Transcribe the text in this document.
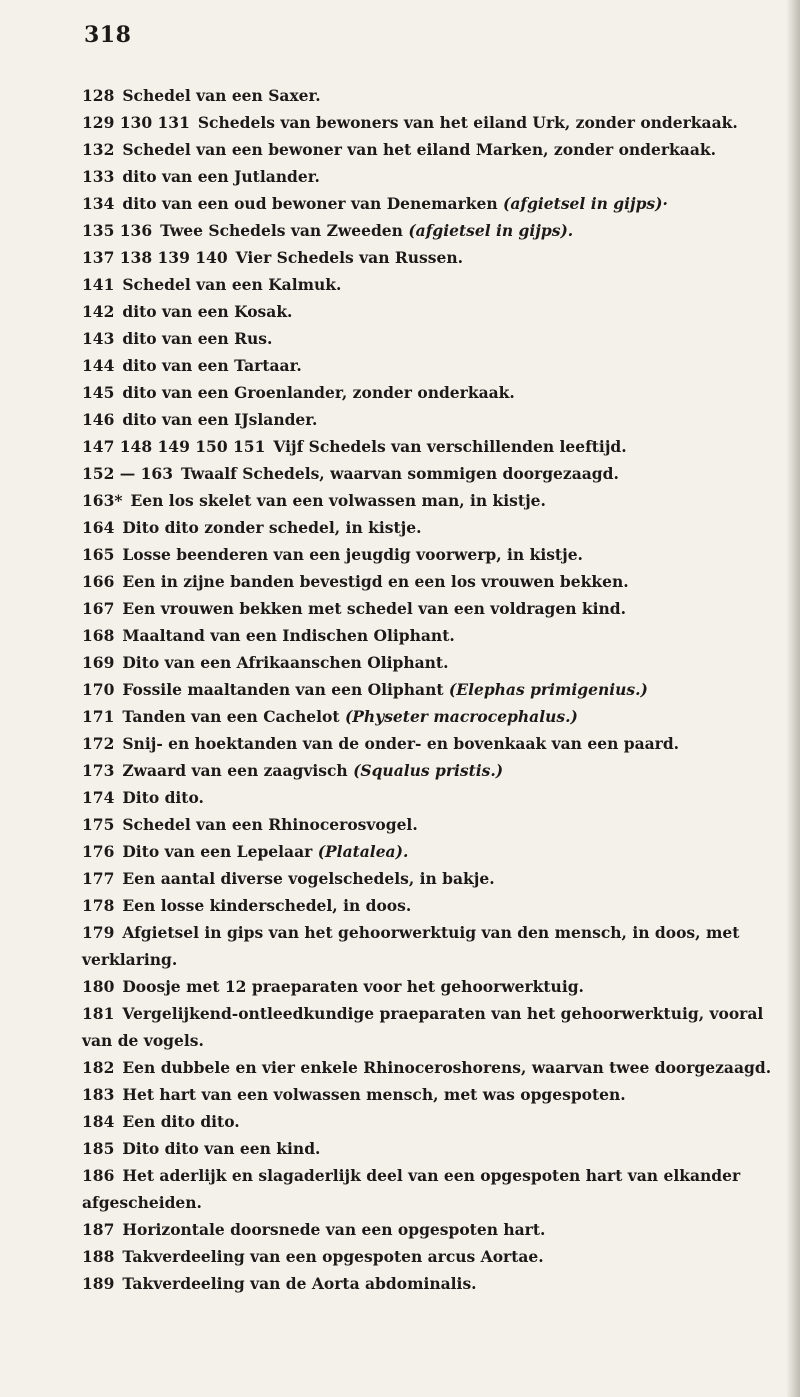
318
128 Schedel van een Saxer.
129 130 131 Schedels van bewoners van het eiland Urk, zonder onderkaak.
132 Schedel van een bewoner van het eiland Marken, zonder onderkaak.
133 dito van een Jutlander.
134 dito van een oud bewoner van Denemarken (afgietsel in gijps)·
135 136 Twee Schedels van Zweeden (afgietsel in gijps).
137 138 139 140 Vier Schedels van Russen.
141 Schedel van een Kalmuk.
142 dito van een Kosak.
143 dito van een Rus.
144 dito van een Tartaar.
145 dito van een Groenlander, zonder onderkaak.
146 dito van een IJslander.
147 148 149 150 151 Vijf Schedels van verschillenden leeftijd.
152 — 163 Twaalf Schedels, waarvan sommigen doorgezaagd.
163* Een los skelet van een volwassen man, in kistje.
164 Dito dito zonder schedel, in kistje.
165 Losse beenderen van een jeugdig voorwerp, in kistje.
166 Een in zijne banden bevestigd en een los vrouwen bekken.
167 Een vrouwen bekken met schedel van een voldragen kind.
168 Maaltand van een Indischen Oliphant.
169 Dito van een Afrikaanschen Oliphant.
170 Fossile maaltanden van een Oliphant (Elephas primigenius.)
171 Tanden van een Cachelot (Physeter macrocephalus.)
172 Snij- en hoektanden van de onder- en bovenkaak van een paard.
173 Zwaard van een zaagvisch (Squalus pristis.)
174 Dito dito.
175 Schedel van een Rhinocerosvogel.
176 Dito van een Lepelaar (Platalea).
177 Een aantal diverse vogelschedels, in bakje.
178 Een losse kinderschedel, in doos.
179 Afgietsel in gips van het gehoorwerktuig van den mensch, in doos, met
verklaring.
180 Doosje met 12 praeparaten voor het gehoorwerktuig.
181 Vergelijkend-ontleedkundige praeparaten van het gehoorwerktuig, vooral
van de vogels.
182 Een dubbele en vier enkele Rhinoceroshorens, waarvan twee doorgezaagd.
183 Het hart van een volwassen mensch, met was opgespoten.
184 Een dito dito.
185 Dito dito van een kind.
186 Het aderlijk en slagaderlijk deel van een opgespoten hart van elkander
afgescheiden.
187 Horizontale doorsnede van een opgespoten hart.
188 Takverdeeling van een opgespoten arcus Aortae.
189 Takverdeeling van de Aorta abdominalis.
